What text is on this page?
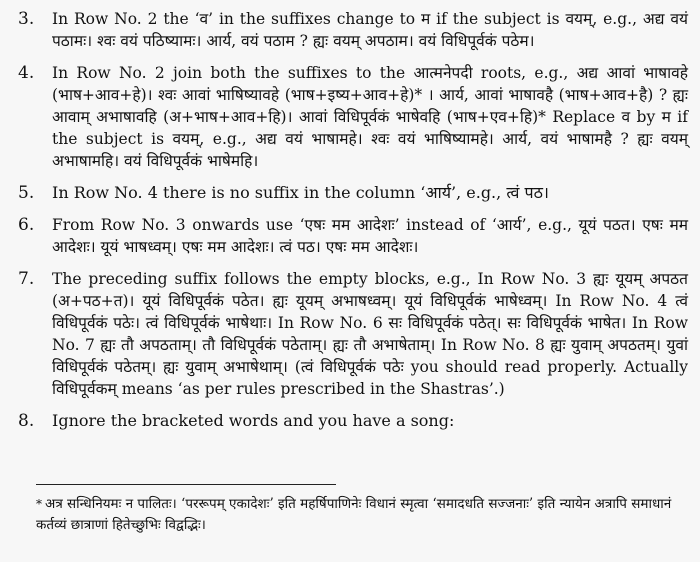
3.	In Row No. 2 the ‘व’ in the suffixes change to म if the subject is वयम्, e.g., अद्य वयं पठामः। श्वः वयं पठिष्यामः। आर्य, वयं पठाम ? ह्यः वयम् अपठाम। वयं विधिपूर्वकं पठेम।
4.	In Row No. 2 join both the suffixes to the आत्मनेपदी roots, e.g., अद्य आवां भाषावहे (भाष+आव+हे)। श्वः आवां भाषिष्यावहे (भाष+इष्य+आव+हे)* । आर्य, आवां भाषावहै (भाष+आव+है) ? ह्यः आवाम् अभाषावहि (अ+भाष+आव+हि)। आवां विधिपूर्वकं भाषेवहि (भाष+एव+हि)* Replace व by म if the subject is वयम्, e.g., अद्य वयं भाषामहे। श्वः वयं भाषिष्यामहे। आर्य, वयं भाषामहै ? ह्यः वयम् अभाषामहि। वयं विधिपूर्वकं भाषेमहि।
5.	In Row No. 4 there is no suffix in the column ‘आर्य’, e.g., त्वं पठ।
6.	From Row No. 3 onwards use ‘एषः मम आदेशः’ instead of ‘आर्य’, e.g., यूयं पठत। एषः मम आदेशः। यूयं भाषध्वम्। एषः मम आदेशः। त्वं पठ। एषः मम आदेशः।
7.	The preceding suffix follows the empty blocks, e.g., In Row No. 3 ह्यः यूयम् अपठत (अ+पठ+त)। यूयं विधिपूर्वकं पठेत। ह्यः यूयम् अभाषध्वम्। यूयं विधिपूर्वकं भाषेध्वम्। In Row No. 4 त्वं विधिपूर्वकं पठेः। त्वं विधिपूर्वकं भाषेथाः। In Row No. 6 सः विधिपूर्वकं पठेत्। सः विधिपूर्वकं भाषेत। In Row No. 7 ह्यः तौ अपठताम्। तौ विधिपूर्वकं पठेताम्। ह्यः तौ अभाषेताम्। In Row No. 8 ह्यः युवाम् अपठतम्। युवां विधिपूर्वकं पठेतम्। ह्यः युवाम् अभाषेथाम्। (त्वं विधिपूर्वकं पठेः you should read properly. Actually विधिपूर्वकम् means ‘as per rules prescribed in the Shastras’.)
8.	Ignore the bracketed words and you have a song:
* अत्र सन्धिनियमः न पालितः। ‘पररूपम् एकादेशः’ इति महर्षिपाणिनेः विधानं स्मृत्वा ‘समादधति सज्जनाः’ इति न्यायेन अत्रापि समाधानं कर्तव्यं छात्राणां हितेच्छुभिः विद्वद्भिः।
